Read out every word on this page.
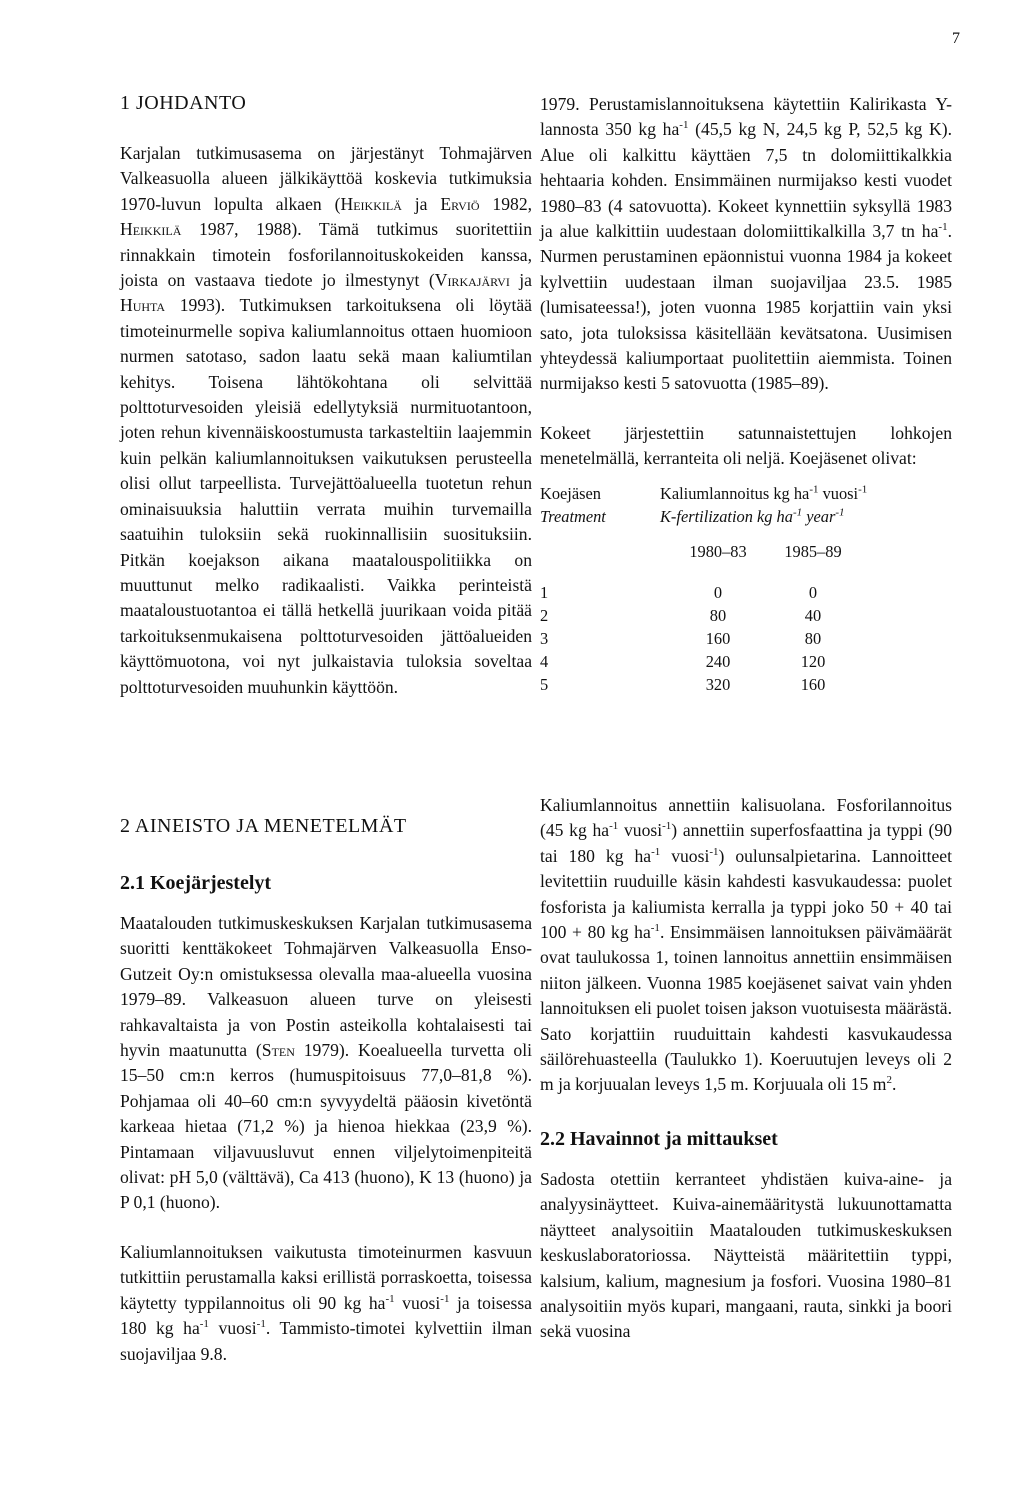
7
1 JOHDANTO

Karjalan tutkimusasema on järjestänyt Tohmajärven Valkeasuolla alueen jälkikäyttöä koskevia tutkimuksia 1970-luvun lopulta alkaen (Heikkilä ja Erviö 1982, Heikkilä 1987, 1988). Tämä tutkimus suoritettiin rinnakkain timotein fosforilannoituskokeiden kanssa, joista on vastaava tiedote jo ilmestynyt (Virkajärvi ja Huhta 1993). Tutkimuksen tarkoituksena oli löytää timoteinurmelle sopiva kaliumlannoitus ottaen huomioon nurmen satotaso, sadon laatu sekä maan kaliumtilan kehitys. Toisena lähtökohtana oli selvittää polttoturvesoiden yleisiä edellytyksiä nurmituotantoon, joten rehun kivennäiskoostumusta tarkasteltiin laajemmin kuin pelkän kaliumlannoituksen vaikutuksen perusteella olisi ollut tarpeellista. Turvejättöalueella tuotetun rehun ominaisuuksia haluttiin verrata muihin turvemailla saatuihin tuloksiin sekä ruokinnallisiin suosituksiin. Pitkän koejakson aikana maatalouspolitiikka on muuttunut melko radikaalisti. Vaikka perinteistä maataloustuotantoa ei tällä hetkellä juurikaan voida pitää tarkoituksenmukaisena polttoturvesoiden jättöalueiden käyttömuotona, voi nyt julkaistavia tuloksia soveltaa polttoturvesoiden muuhunkin käyttöön.

1979. Perustamislannoituksena käytettiin Kalirikasta Y-lannosta 350 kg $ha^{-1}$ (45,5 kg N, 24,5 kg P, 52,5 kg K). Alue oli kalkittu käyttäen 7,5 tn dolomiittikalkkia hehtaaria kohden. Ensimmäinen nurmijakso kesti vuodet 1980–83 (4 satovuotta). Kokeet kynnettiin syksyllä 1983 ja alue kalkittiin uudestaan dolomiittikalkilla 3,7 tn $ha^{-1}$. Nurmen perustaminen epäonnistui vuonna 1984 ja kokeet kylvettiin uudestaan ilman suojaviljaa 23.5. 1985 (lumisateessa!), joten vuonna 1985 korjattiin vain yksi sato, jota tuloksissa käsitellään kevätsatona. Uusimisen yhteydessä kaliumportaat puolitettiin aiemmista. Toinen nurmijakso kesti 5 satovuotta (1985–89).

Kokeet järjestettiin satunnaistettujen lohkojen menetelmällä, kerranteita oli neljä. Koejäsenet olivat:

Koejäsen
Treatment
Kaliumlannoitus kg $ha^{-1}$ vuosi$^{-1}$
K-fertilization kg $ha^{-1}$ year$^{-1}$
1980–83	1985–89
1	0	0
2	80	40
3	160	80
4	240	120
5	320	160
2 AINEISTO JA MENETELMÄT
2.1 Koejärjestelyt

Maatalouden tutkimuskeskuksen Karjalan tutkimusasema suoritti kenttäkokeet Tohmajärven Valkeasuolla Enso-Gutzeit Oy:n omistuksessa olevalla maa-alueella vuosina 1979–89. Valkeasuon alueen turve on yleisesti rahkavaltaista ja von Postin asteikolla kohtalaisesti tai hyvin maatunutta (Sten 1979). Koealueella turvetta oli 15–50 cm:n kerros (humuspitoisuus 77,0–81,8 %). Pohjamaa oli 40–60 cm:n syvyydeltä pääosin kivetöntä karkeaa hietaa (71,2 %) ja hienoa hiekkaa (23,9 %). Pintamaan viljavuusluvut ennen viljelytoimenpiteitä olivat: pH 5,0 (välttävä), Ca 413 (huono), K 13 (huono) ja P 0,1 (huono).

Kaliumlannoituksen vaikutusta timoteinurmen kasvuun tutkittiin perustamalla kaksi erillistä porraskoetta, toisessa käytetty typpilannoitus oli 90 kg $ha^{-1}$ vuosi$^{-1}$ ja toisessa 180 kg $ha^{-1}$ vuosi$^{-1}$. Tammisto-timotei kylvettiin ilman suojaviljaa 9.8.

Kaliumlannoitus annettiin kalisuolana. Fosforilannoitus (45 kg $ha^{-1}$ vuosi$^{-1}$) annettiin superfosfaattina ja typpi (90 tai 180 kg $ha^{-1}$ vuosi$^{-1}$) oulunsalpietarina. Lannoitteet levitettiin ruuduille käsin kahdesti kasvukaudessa: puolet fosforista ja kaliumista kerralla ja typpi joko 50 + 40 tai 100 + 80 kg $ha^{-1}$. Ensimmäisen lannoituksen päivämäärät ovat taulukossa 1, toinen lannoitus annettiin ensimmäisen niiton jälkeen. Vuonna 1985 koejäsenet saivat vain yhden lannoituksen eli puolet toisen jakson vuotuisesta määrästä. Sato korjattiin ruuduittain kahdesti kasvukaudessa säilörehuasteella (Taulukko 1). Koeruutujen leveys oli 2 m ja korjuualan leveys 1,5 m. Korjuuala oli 15 $m^2$.

2.2 Havainnot ja mittaukset

Sadosta otettiin kerranteet yhdistäen kuiva-aine- ja analyysinäytteet. Kuiva-ainemääritystä lukuunottamatta näytteet analysoitiin Maatalouden tutkimuskeskuksen keskuslaboratoriossa. Näytteistä määritettiin typpi, kalsium, kalium, magnesium ja fosfori. Vuosina 1980–81 analysoitiin myös kupari, mangaani, rauta, sinkki ja boori sekä vuosina
